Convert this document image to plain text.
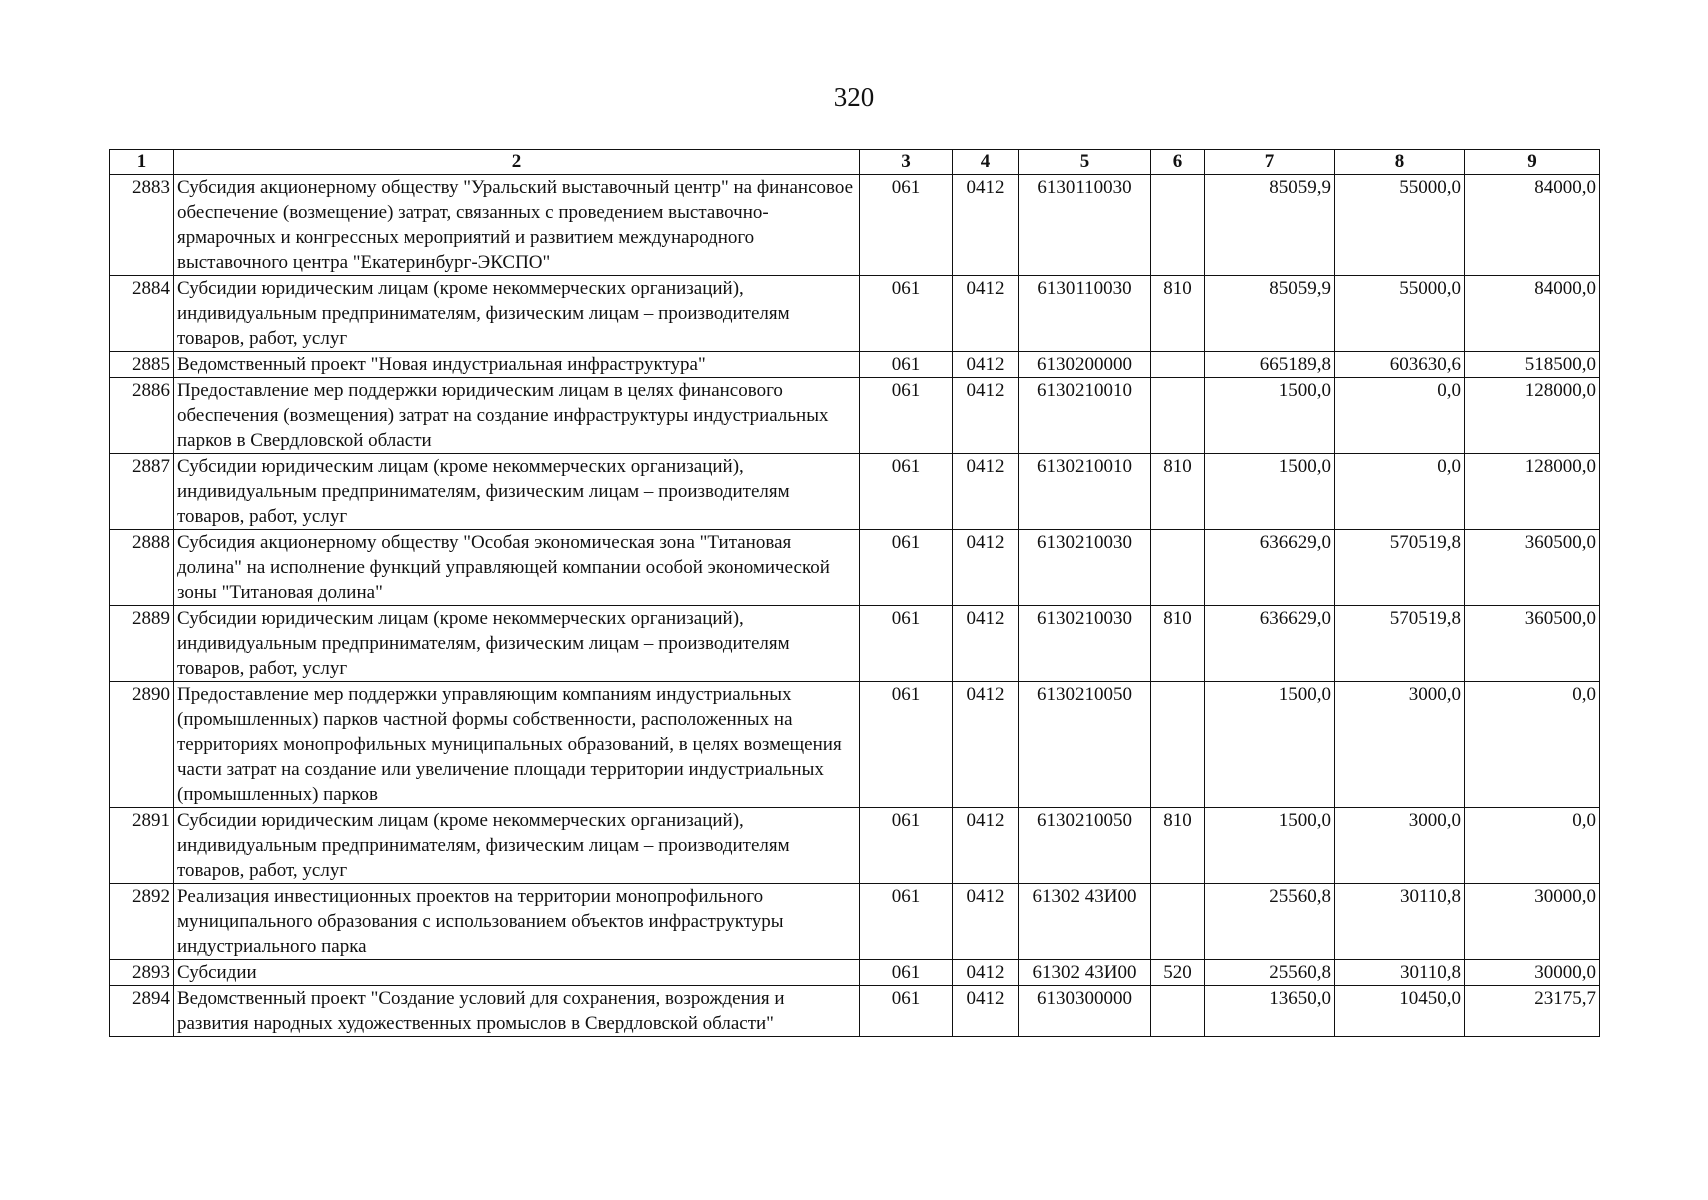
320
1	2	3	4	5	6	7	8	9
2883	Субсидия акционерному обществу "Уральский выставочный центр" на финансовое обеспечение (возмещение) затрат, связанных с проведением выставочно-ярмарочных и конгрессных мероприятий и развитием международного выставочного центра "Екатеринбург-ЭКСПО"	061	0412	6130110030		85059,9	55000,0	84000,0
2884	Субсидии юридическим лицам (кроме некоммерческих организаций), индивидуальным предпринимателям, физическим лицам – производителям товаров, работ, услуг	061	0412	6130110030	810	85059,9	55000,0	84000,0
2885	Ведомственный проект "Новая индустриальная инфраструктура"	061	0412	6130200000		665189,8	603630,6	518500,0
2886	Предоставление мер поддержки юридическим лицам в целях финансового обеспечения (возмещения) затрат на создание инфраструктуры индустриальных парков в Свердловской области	061	0412	6130210010		1500,0	0,0	128000,0
2887	Субсидии юридическим лицам (кроме некоммерческих организаций), индивидуальным предпринимателям, физическим лицам – производителям товаров, работ, услуг	061	0412	6130210010	810	1500,0	0,0	128000,0
2888	Субсидия акционерному обществу "Особая экономическая зона "Титановая долина" на исполнение функций управляющей компании особой экономической зоны "Титановая долина"	061	0412	6130210030		636629,0	570519,8	360500,0
2889	Субсидии юридическим лицам (кроме некоммерческих организаций), индивидуальным предпринимателям, физическим лицам – производителям товаров, работ, услуг	061	0412	6130210030	810	636629,0	570519,8	360500,0
2890	Предоставление мер поддержки управляющим компаниям индустриальных (промышленных) парков частной формы собственности, расположенных на территориях монопрофильных муниципальных образований, в целях возмещения части затрат на создание или увеличение площади территории индустриальных (промышленных) парков	061	0412	6130210050		1500,0	3000,0	0,0
2891	Субсидии юридическим лицам (кроме некоммерческих организаций), индивидуальным предпринимателям, физическим лицам – производителям товаров, работ, услуг	061	0412	6130210050	810	1500,0	3000,0	0,0
2892	Реализация инвестиционных проектов на территории монопрофильного муниципального образования с использованием объектов инфраструктуры индустриального парка	061	0412	61302 43И00		25560,8	30110,8	30000,0
2893	Субсидии	061	0412	61302 43И00	520	25560,8	30110,8	30000,0
2894	Ведомственный проект "Создание условий для сохранения, возрождения и развития народных художественных промыслов в Свердловской области"	061	0412	6130300000		13650,0	10450,0	23175,7
